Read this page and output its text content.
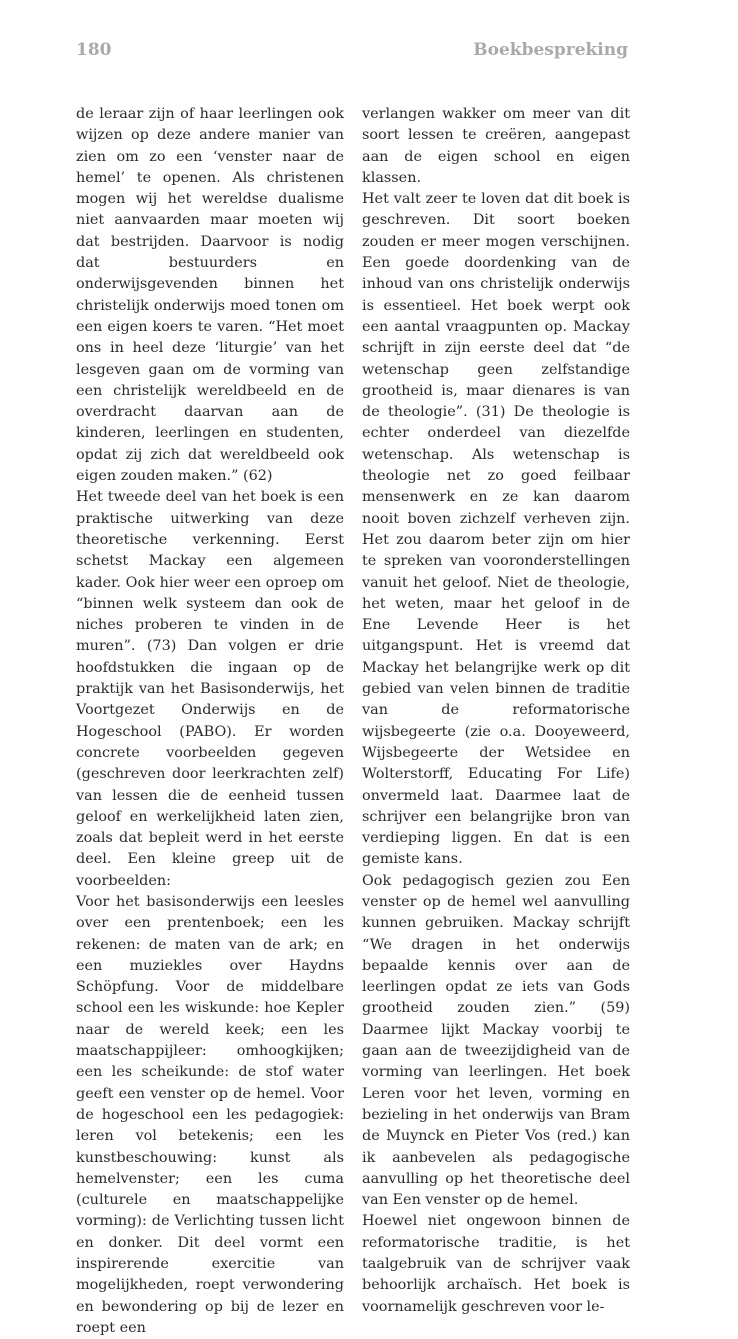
180	Boekbespreking

de leraar zijn of haar leerlingen ook wijzen op deze andere manier van zien om zo een ‘venster naar de hemel’ te openen. Als christenen mogen wij het wereldse dualisme niet aanvaarden maar moeten wij dat bestrijden. Daarvoor is nodig dat bestuurders en onderwijsgevenden binnen het christelijk onderwijs moed tonen om een eigen koers te varen. “Het moet ons in heel deze ‘liturgie’ van het lesgeven gaan om de vorming van een christelijk wereldbeeld en de overdracht daarvan aan de kinderen, leerlingen en studenten, opdat zij zich dat wereldbeeld ook eigen zouden maken.” (62)

Het tweede deel van het boek is een praktische uitwerking van deze theoretische verkenning. Eerst schetst Mackay een algemeen kader. Ook hier weer een oproep om “binnen welk systeem dan ook de niches proberen te vinden in de muren”. (73) Dan volgen er drie hoofdstukken die ingaan op de praktijk van het Basisonderwijs, het Voortgezet Onderwijs en de Hogeschool (PABO). Er worden concrete voorbeelden gegeven (geschreven door leerkrachten zelf) van lessen die de eenheid tussen geloof en werkelijkheid laten zien, zoals dat bepleit werd in het eerste deel. Een kleine greep uit de voorbeelden:

Voor het basisonderwijs een leesles over een prentenboek; een les rekenen: de maten van de ark; en een muziekles over Haydns Schöpfung. Voor de middelbare school een les wiskunde: hoe Kepler naar de wereld keek; een les maatschappijleer: omhoogkijken; een les scheikunde: de stof water geeft een venster op de hemel. Voor de hogeschool een les pedagogiek: leren vol betekenis; een les kunstbeschouwing: kunst als hemelvenster; een les cuma (culturele en maatschappelijke vorming): de Verlichting tussen licht en donker. Dit deel vormt een inspirerende exercitie van mogelijkheden, roept verwondering en bewondering op bij de lezer en roept een

verlangen wakker om meer van dit soort lessen te creëren, aangepast aan de eigen school en eigen klassen.

Het valt zeer te loven dat dit boek is geschreven. Dit soort boeken zouden er meer mogen verschijnen. Een goede doordenking van de inhoud van ons christelijk onderwijs is essentieel. Het boek werpt ook een aantal vraagpunten op. Mackay schrijft in zijn eerste deel dat “de wetenschap geen zelfstandige grootheid is, maar dienares is van de theologie”. (31) De theologie is echter onderdeel van diezelfde wetenschap. Als wetenschap is theologie net zo goed feilbaar mensenwerk en ze kan daarom nooit boven zichzelf verheven zijn. Het zou daarom beter zijn om hier te spreken van vooronderstellingen vanuit het geloof. Niet de theologie, het weten, maar het geloof in de Ene Levende Heer is het uitgangspunt. Het is vreemd dat Mackay het belangrijke werk op dit gebied van velen binnen de traditie van de reformatorische wijsbegeerte (zie o.a. Dooyeweerd, Wijsbegeerte der Wetsidee en Wolterstorff, Educating For Life) onvermeld laat. Daarmee laat de schrijver een belangrijke bron van verdieping liggen. En dat is een gemiste kans.

Ook pedagogisch gezien zou Een venster op de hemel wel aanvulling kunnen gebruiken. Mackay schrijft “We dragen in het onderwijs bepaalde kennis over aan de leerlingen opdat ze iets van Gods grootheid zouden zien.” (59) Daarmee lijkt Mackay voorbij te gaan aan de tweezijdigheid van de vorming van leerlingen. Het boek Leren voor het leven, vorming en bezieling in het onderwijs van Bram de Muynck en Pieter Vos (red.) kan ik aanbevelen als pedagogische aanvulling op het theoretische deel van Een venster op de hemel.

Hoewel niet ongewoon binnen de reformatorische traditie, is het taalgebruik van de schrijver vaak behoorlijk archaïsch. Het boek is voornamelijk geschreven voor le-
